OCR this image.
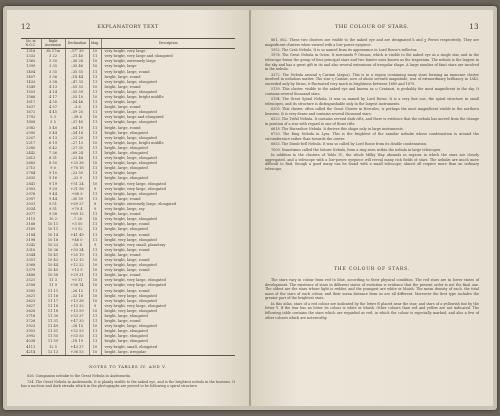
12	EXPLANATORY TEXT
No. in N.G.C.	Right Ascension	Declination	Mag.	Description
1316	3h 17m	–37° 35′	10	very bright, very large
1332	3 22	–21 40	11	very bright, very large and elongated
1365	3 30	–36 28	10	very bright, extremely large
1399	3 35	–35 46	10	very bright, large
1404	3 35	–35 55	11	very bright, large, round
1407	3 36	–18 44	11	bright, large, round
1433	3 38	–47 33	11	very bright, large, elongated
1549	4 13	–55 53	10	bright, large, round
1553	4 14	–55 59	11	very bright, large, elongated
1566	4 17	–55 10	10	very bright, large, bright middle
1617	4 30	–54 46	11	very bright, large
1637	4 37	–3 6	11	bright, large, round
1672	4 45	–59 25	11	very bright, large, elongated
1792	5 3	–38 6	10	very bright, large and elongated
1808	5 5	–37 40	11	very bright, large, elongated
2082	5 40	–64 19	11	bright, large, round
2090	5 44	–34 16	11	bright, large, elongated
2207	6 13	–21 20	11	very bright, large, elongated
2217	6 19	–27 13	10	very bright, large, bright middle
2280	6 42	–27 35	11	bright, large, elongated
2442	7 36	–69 24	11	bright, large, elongated
2613	8 31	–22 48	11	very bright, large, elongated
2683	8 50	+33 38	10	very bright, large, elongated
2715	9 0	+78 18	11	bright, large, elongated
2784	9 10	–23 59	11	very bright, large
2835	9 16	–22 9	11	bright, large, elongated
2841	9 19	+51 24	10	very bright, very large, elongated
2903	9 29	+21 56	9	very bright, very large, elongated
2976	9 44	+68 9	11	very bright, large, elongated
2997	9 44	–30 59	11	bright, large, round
3031	9 51	+69 27	8	very bright, extremely large, elongated
3034	9 51	+70 4	9	very bright, large, ray
3077	9 58	+69 12	11	bright, large, round
3115	10 2	–7 28	10	very bright, large, elongated
3166	10 11	+3 50	11	very bright, large, round
3169	10 11	+3 52	11	bright, large, elongated
3184	10 14	+41 49	11	very bright, large, round
3198	10 16	+46 0	11	bright, very large, elongated
3242	10 23	–18 8	9	very bright, very small, planetary
3310	10 36	+53 34	11	very bright, large, round
3344	10 41	+25 19	11	bright, large, round
3351	10 42	+12 15	10	very bright, large, round
3368	10 44	+12 22	10	very bright, large, elongated
3379	10 45	+13 9	10	very bright, large, round
3486	10 58	+29 31	11	bright, large, round
3521	11 3	+0 31	10	very bright, very large, elongated
3556	11 9	+56 14	10	very bright, very large, elongated
3585	11 11	–26 12	11	very bright, large, round
3621	11 16	–32 16	10	bright, very large, elongated
3623	11 17	+13 38	10	very bright, large, elongated
3627	11 18	+13 32	9	very bright, very large, elongated
3628	11 18	+13 59	10	bright, very large, elongated
3718	11 30	+53 37	11	bright, large, elongated
3726	11 31	+47 35	11	bright, large, round
3923	11 49	–28 15	10	very bright, large, elongated
3953	11 51	+52 53	11	bright, large, elongated
3992	11 55	+53 55	11	bright, large, elongated
4038	11 59	–18 19	11	bright, large, elongated
4111	12 5	+43 37	10	very bright, small, elongated
4214	12 13	+36 53	10	bright, large, irregular
NOTES TO TABLES IV. AND V.

626. Companion nebulæ to the Great Nebula in Andromeda.

734. The Great Nebula in Andromeda. It is plainly visible to the naked eye, and is the brightest nebula in the heavens. It has a nucleus and dark streaks which in the photographs are proved to be following a spiral structure.

THE COLOUR OF STARS.	13

861, 862. These two clusters are visible to the naked eye and are designated h and χ Persei respectively. They are magnificent clusters when viewed with a low-power eyepiece.

1952. The Crab Nebula. It is so named from its appearance in Lord Rosse's reflector.

1976. The Great Nebula in Orion. It surrounds θ Orionis, which is visible to the naked eye as a single star, and in the telescope forms the group of four principal stars and two fainter ones known as the trapezium. The nebula is the largest in the sky and has a great gift in its and also several extensions of irregular shape. A large number of faint stars are involved in the nebula.

3372. The Nebula around η Carinæ (Argus). This is in a region containing many stars forming an immense cluster involved in nebulous matter. The star η Carinæ, now of about seventh magnitude, was of extraordinary brilliancy in 1843, exceeded only by Sirius; it fluctuated very much in brightness between 1680 and 1870.

5139. This cluster, visible to the naked eye and known as ω Centauri, is probably the most magnificent in the sky. It contains several thousand stars.

5194. The Great Spiral Nebula. It was so named by Lord Rosse. It is a very fine one, the spiral structure in small telescopes, and its structure is distinguishable only in the largest instruments.

6205. This cluster, often called the Great Cluster in Hercules, is perhaps the most magnificent visible in the northern heavens. It is very dense and contains several thousand stars.

6523. The Trifid Nebula. It contains several dark rifts, and there is evidence that the nebula has moved from the change in position of a star with regard to one of those rifts.

6618. The Horseshoe Nebula. It derives this shape only in large instruments.

6720. The Ring Nebula in Lyra. This is the brightest of the annular nebulæ whose condensation is around the circumference rather than towards the centre.

6853. The Dumb-bell Nebula. It was so called by Lord Rosse from its double condensation.

7009. Sometimes called the Saturn Nebula, from a ring seen within the nebula in large telescopes.

In addition to the clusters of Table IV., the whole Milky Way abounds in regions in which the stars are closely aggregated, and a telescope with a low-power eyepiece will reveal many rich fields of stars. The nebulæ are much more difficult to find, though a good many can be found with a small telescope; almost all require more than an ordinary telescope.

THE COLOUR OF STARS.

The stars vary in colour from red to blue, according to their physical condition. The red stars are in lower states of development. The existence of stars in different states of evolution is evidence that the present order is not the final one. The oldest are the stars whose light is redder, and the youngest are white or bluish. The mean density of each, the total mass of the stars of each colour, and their mean distance from us are all different. Moreover the first type includes the greater part of the brightest stars.

In this atlas, stars of a red colour are indicated by the letter R placed near the star; and stars of a yellowish tint by the letter Y. If the star has no letter its colour is white or bluish. Other colours than red and yellow are not indicated. The following table contains the stars which are regarded as red, in which the colour is especially marked, and also a few of other colours which are noteworthy.
